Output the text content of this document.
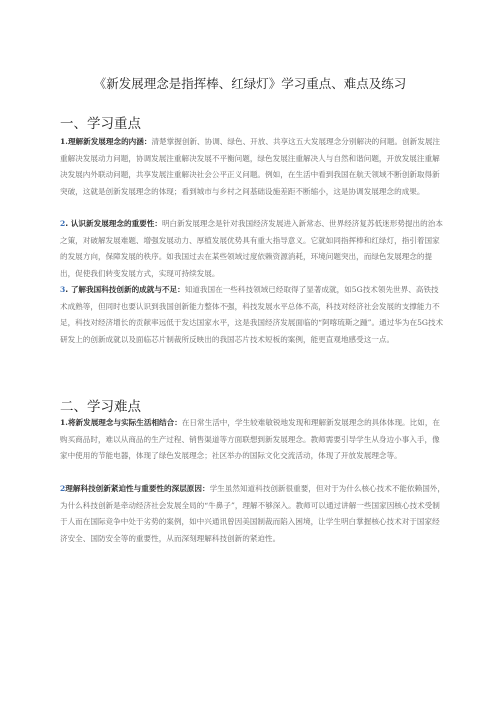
《新发展理念是指挥棒、红绿灯》学习重点、难点及练习
一、学习重点
1.理解新发展理念的内涵：清楚掌握创新、协调、绿色、开放、共享这五大发展理念分别解决的问题。创新发展注重解决发展动力问题，协调发展注重解决发展不平衡问题，绿色发展注重解决人与自然和谐问题，开放发展注重解决发展内外联动问题，共享发展注重解决社会公平正义问题。例如，在生活中看到我国在航天领域不断创新取得新突破，这就是创新发展理念的体现；看到城市与乡村之间基础设施差距不断缩小，这是协调发展理念的成果。
2. 认识新发展理念的重要性：明白新发展理念是针对我国经济发展进入新常态、世界经济复苏低迷形势提出的治本之策，对破解发展难题、增强发展动力、厚植发展优势具有重大指导意义。它就如同指挥棒和红绿灯，指引着国家的发展方向，保障发展的秩序。如我国过去在某些领域过度依赖资源消耗，环境问题突出，而绿色发展理念的提出，促使我们转变发展方式，实现可持续发展。
3. 了解我国科技创新的成就与不足：知道我国在一些科技领域已经取得了显著成就，如5G技术领先世界、高铁技术成熟等，但同时也要认识到我国创新能力整体不强，科技发展水平总体不高，科技对经济社会发展的支撑能力不足，科技对经济增长的贡献率远低于发达国家水平，这是我国经济发展面临的“阿喀琉斯之踵”。通过华为在5G技术研发上的创新成就以及面临芯片制裁所反映出的我国芯片技术短板的案例，能更直观地感受这一点。
二、学习难点
1.将新发展理念与实际生活相结合：在日常生活中，学生较难敏锐地发现和理解新发展理念的具体体现。比如，在购买商品时，难以从商品的生产过程、销售渠道等方面联想到新发展理念。教师需要引导学生从身边小事入手，像家中使用的节能电器，体现了绿色发展理念；社区举办的国际文化交流活动，体现了开放发展理念等。
2理解科技创新紧迫性与重要性的深层原因：学生虽然知道科技创新很重要，但对于为什么核心技术不能依赖国外，为什么科技创新是牵动经济社会发展全局的“牛鼻子”，理解不够深入。教师可以通过讲解一些国家因核心技术受制于人而在国际竞争中处于劣势的案例，如中兴通讯曾因美国制裁而陷入困境，让学生明白掌握核心技术对于国家经济安全、国防安全等的重要性，从而深刻理解科技创新的紧迫性。
